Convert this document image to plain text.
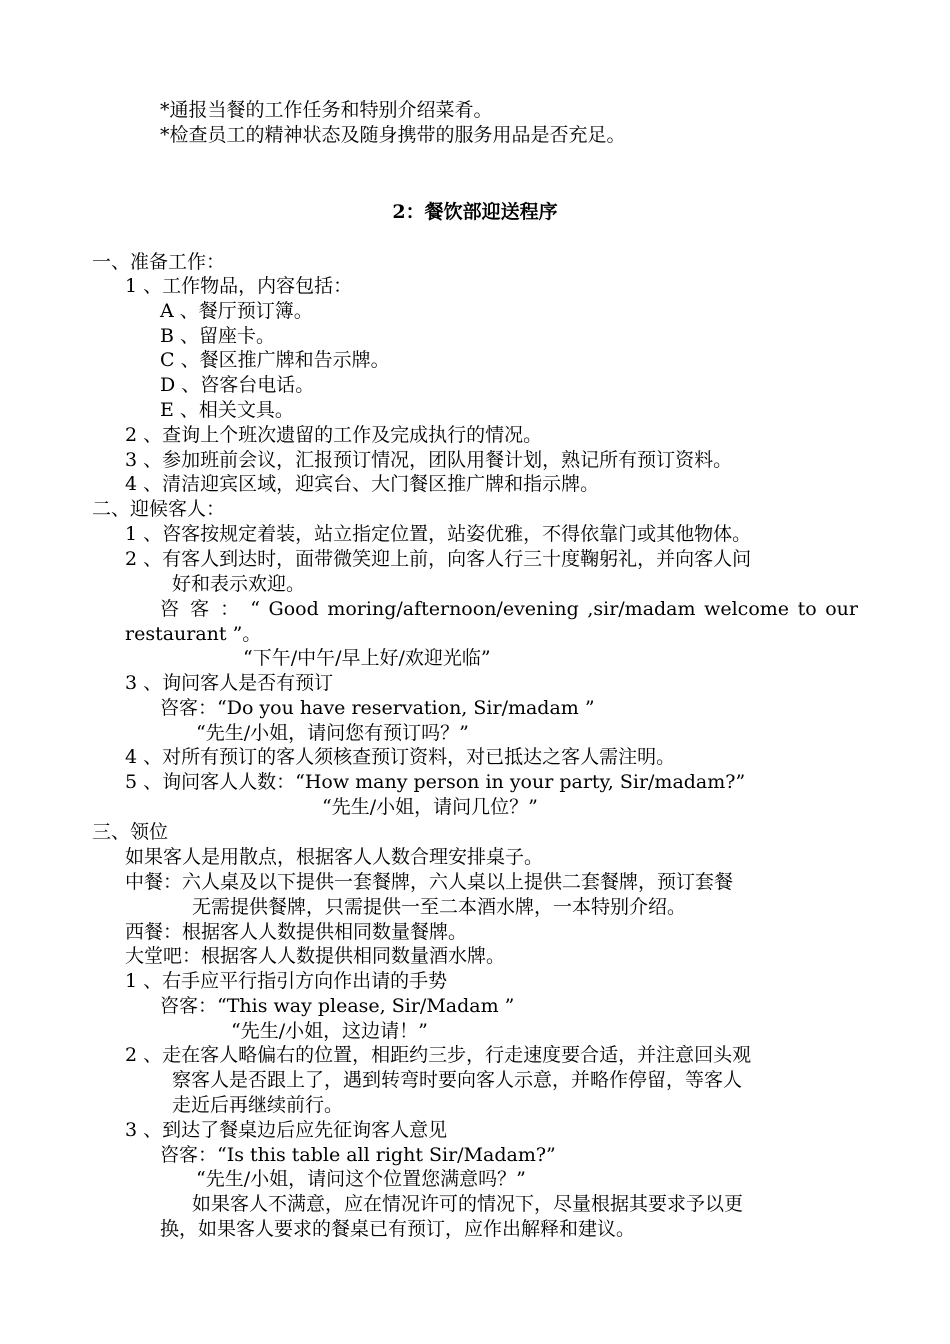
*通报当餐的工作任务和特别介绍菜肴。

*检查员工的精神状态及随身携带的服务用品是否充足。

2：餐饮部迎送程序

一、准备工作：

1 、工作物品，内容包括：

A 、餐厅预订簿。

B 、留座卡。

C 、餐区推广牌和告示牌。

D 、咨客台电话。

E 、相关文具。

2 、查询上个班次遗留的工作及完成执行的情况。

3 、参加班前会议，汇报预订情况，团队用餐计划，熟记所有预订资料。

4 、清洁迎宾区域，迎宾台、大门餐区推广牌和指示牌。

二、迎候客人：

1 、咨客按规定着装，站立指定位置，站姿优雅，不得依靠门或其他物体。

2 、有客人到达时，面带微笑迎上前，向客人行三十度鞠躬礼，并向客人问

好和表示欢迎。

咨 客 ： “ Good moring/afternoon/evening ,sir/madam welcome to our

restaurant ”。

“下午/中午/早上好/欢迎光临”

3 、询问客人是否有预订

咨客：“Do you have reservation, Sir/madam ”

“先生/小姐，请问您有预订吗？”

4 、对所有预订的客人须核查预订资料，对已抵达之客人需注明。

5 、询问客人人数：“How many person in your party, Sir/madam?”

“先生/小姐，请问几位？”

三、领位

如果客人是用散点，根据客人人数合理安排桌子。

中餐：六人桌及以下提供一套餐牌，六人桌以上提供二套餐牌，预订套餐

无需提供餐牌，只需提供一至二本酒水牌，一本特别介绍。

西餐：根据客人人数提供相同数量餐牌。

大堂吧：根据客人人数提供相同数量酒水牌。

1 、右手应平行指引方向作出请的手势

咨客：“This way please, Sir/Madam ”

“先生/小姐，这边请！”

2 、走在客人略偏右的位置，相距约三步，行走速度要合适，并注意回头观

察客人是否跟上了，遇到转弯时要向客人示意，并略作停留，等客人

走近后再继续前行。

3 、到达了餐桌边后应先征询客人意见

咨客：“Is this table all right Sir/Madam?”

“先生/小姐，请问这个位置您满意吗？”

如果客人不满意，应在情况许可的情况下，尽量根据其要求予以更

换，如果客人要求的餐桌已有预订，应作出解释和建议。
